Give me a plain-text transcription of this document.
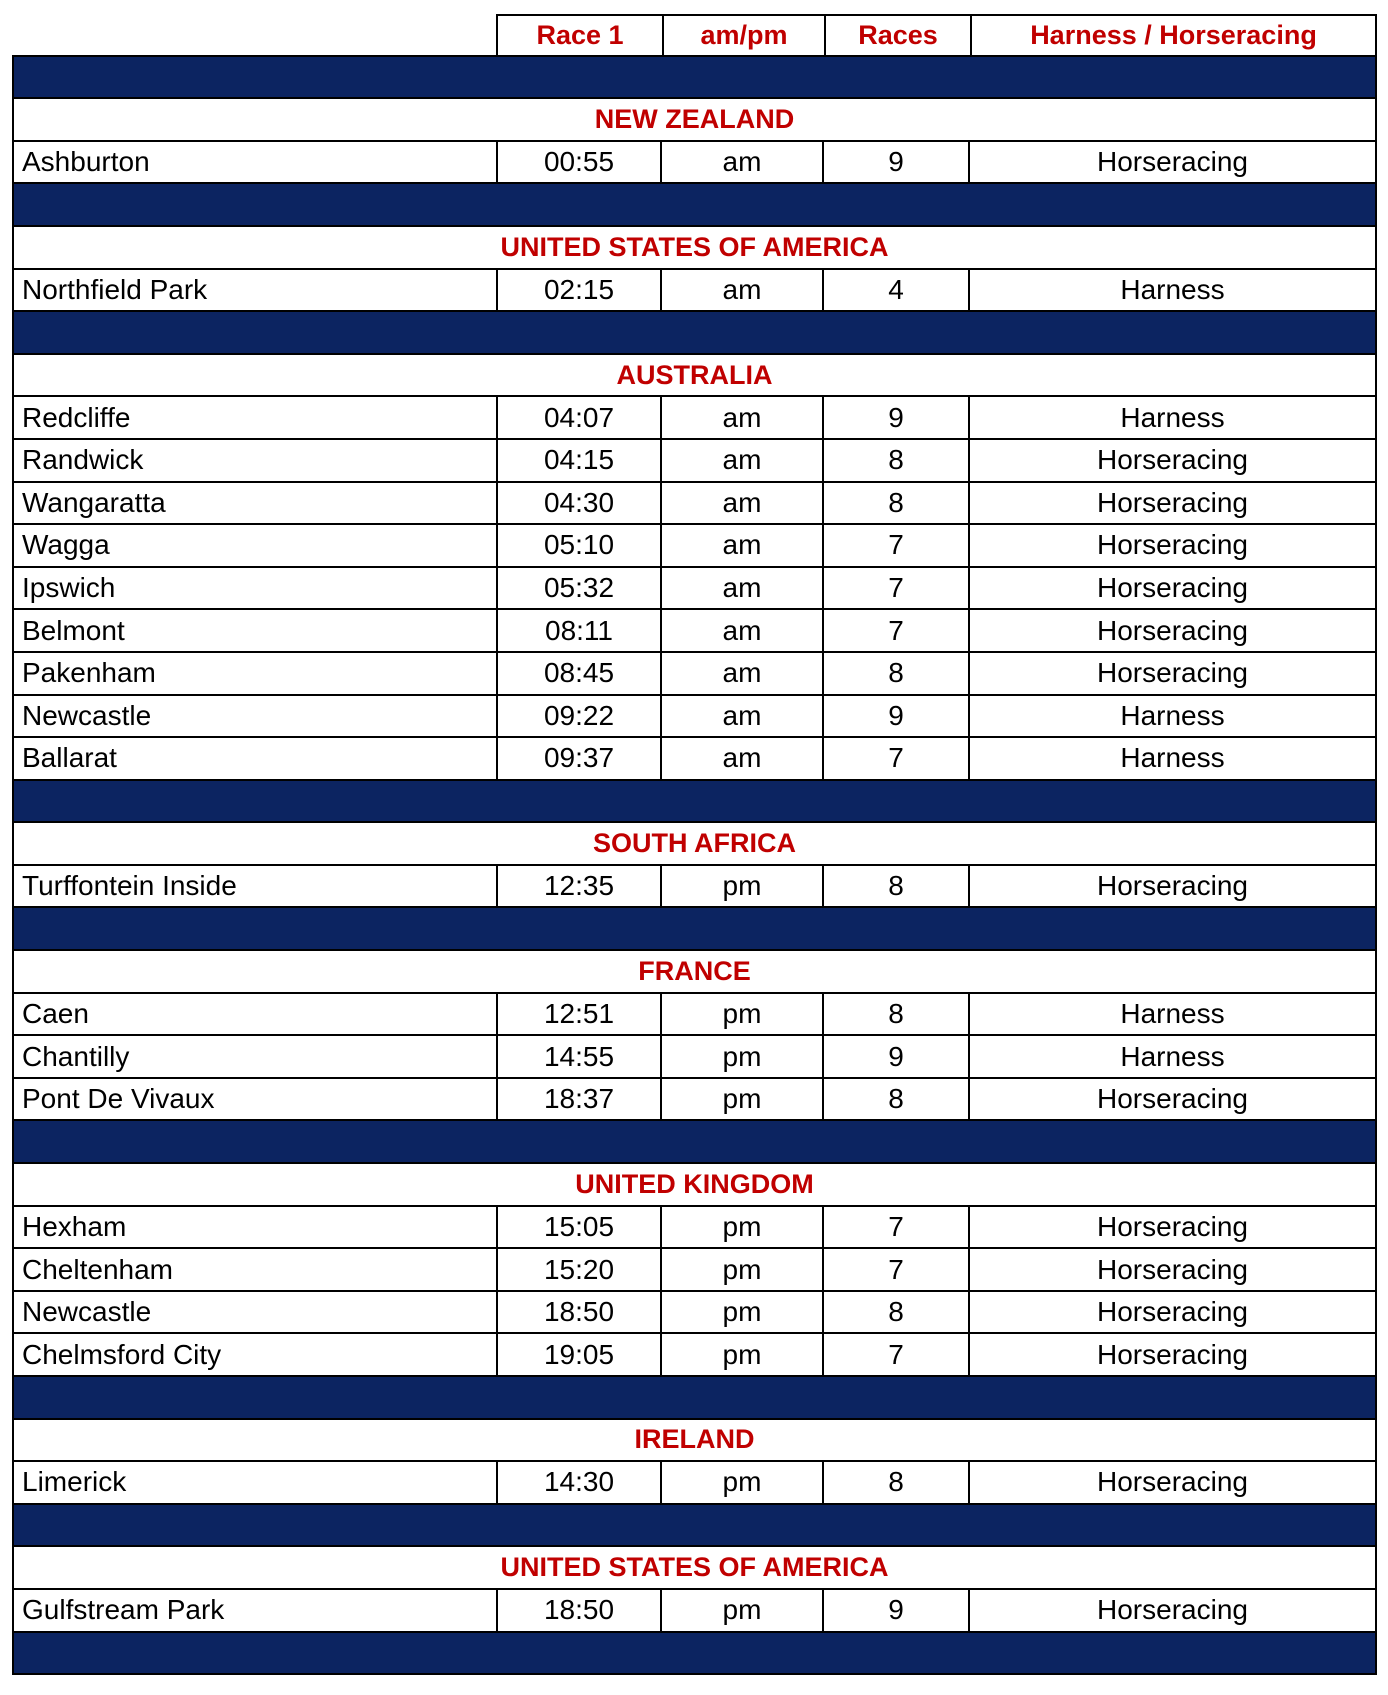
Race 1	am/pm	Races	Harness / Horseracing
NEW ZEALAND
Ashburton	00:55	am	9	Horseracing
UNITED STATES OF AMERICA
Northfield Park	02:15	am	4	Harness
AUSTRALIA
Redcliffe	04:07	am	9	Harness
Randwick	04:15	am	8	Horseracing
Wangaratta	04:30	am	8	Horseracing
Wagga	05:10	am	7	Horseracing
Ipswich	05:32	am	7	Horseracing
Belmont	08:11	am	7	Horseracing
Pakenham	08:45	am	8	Horseracing
Newcastle	09:22	am	9	Harness
Ballarat	09:37	am	7	Harness
SOUTH AFRICA
Turffontein Inside	12:35	pm	8	Horseracing
FRANCE
Caen	12:51	pm	8	Harness
Chantilly	14:55	pm	9	Harness
Pont De Vivaux	18:37	pm	8	Horseracing
UNITED KINGDOM
Hexham	15:05	pm	7	Horseracing
Cheltenham	15:20	pm	7	Horseracing
Newcastle	18:50	pm	8	Horseracing
Chelmsford City	19:05	pm	7	Horseracing
IRELAND
Limerick	14:30	pm	8	Horseracing
UNITED STATES OF AMERICA
Gulfstream Park	18:50	pm	9	Horseracing
